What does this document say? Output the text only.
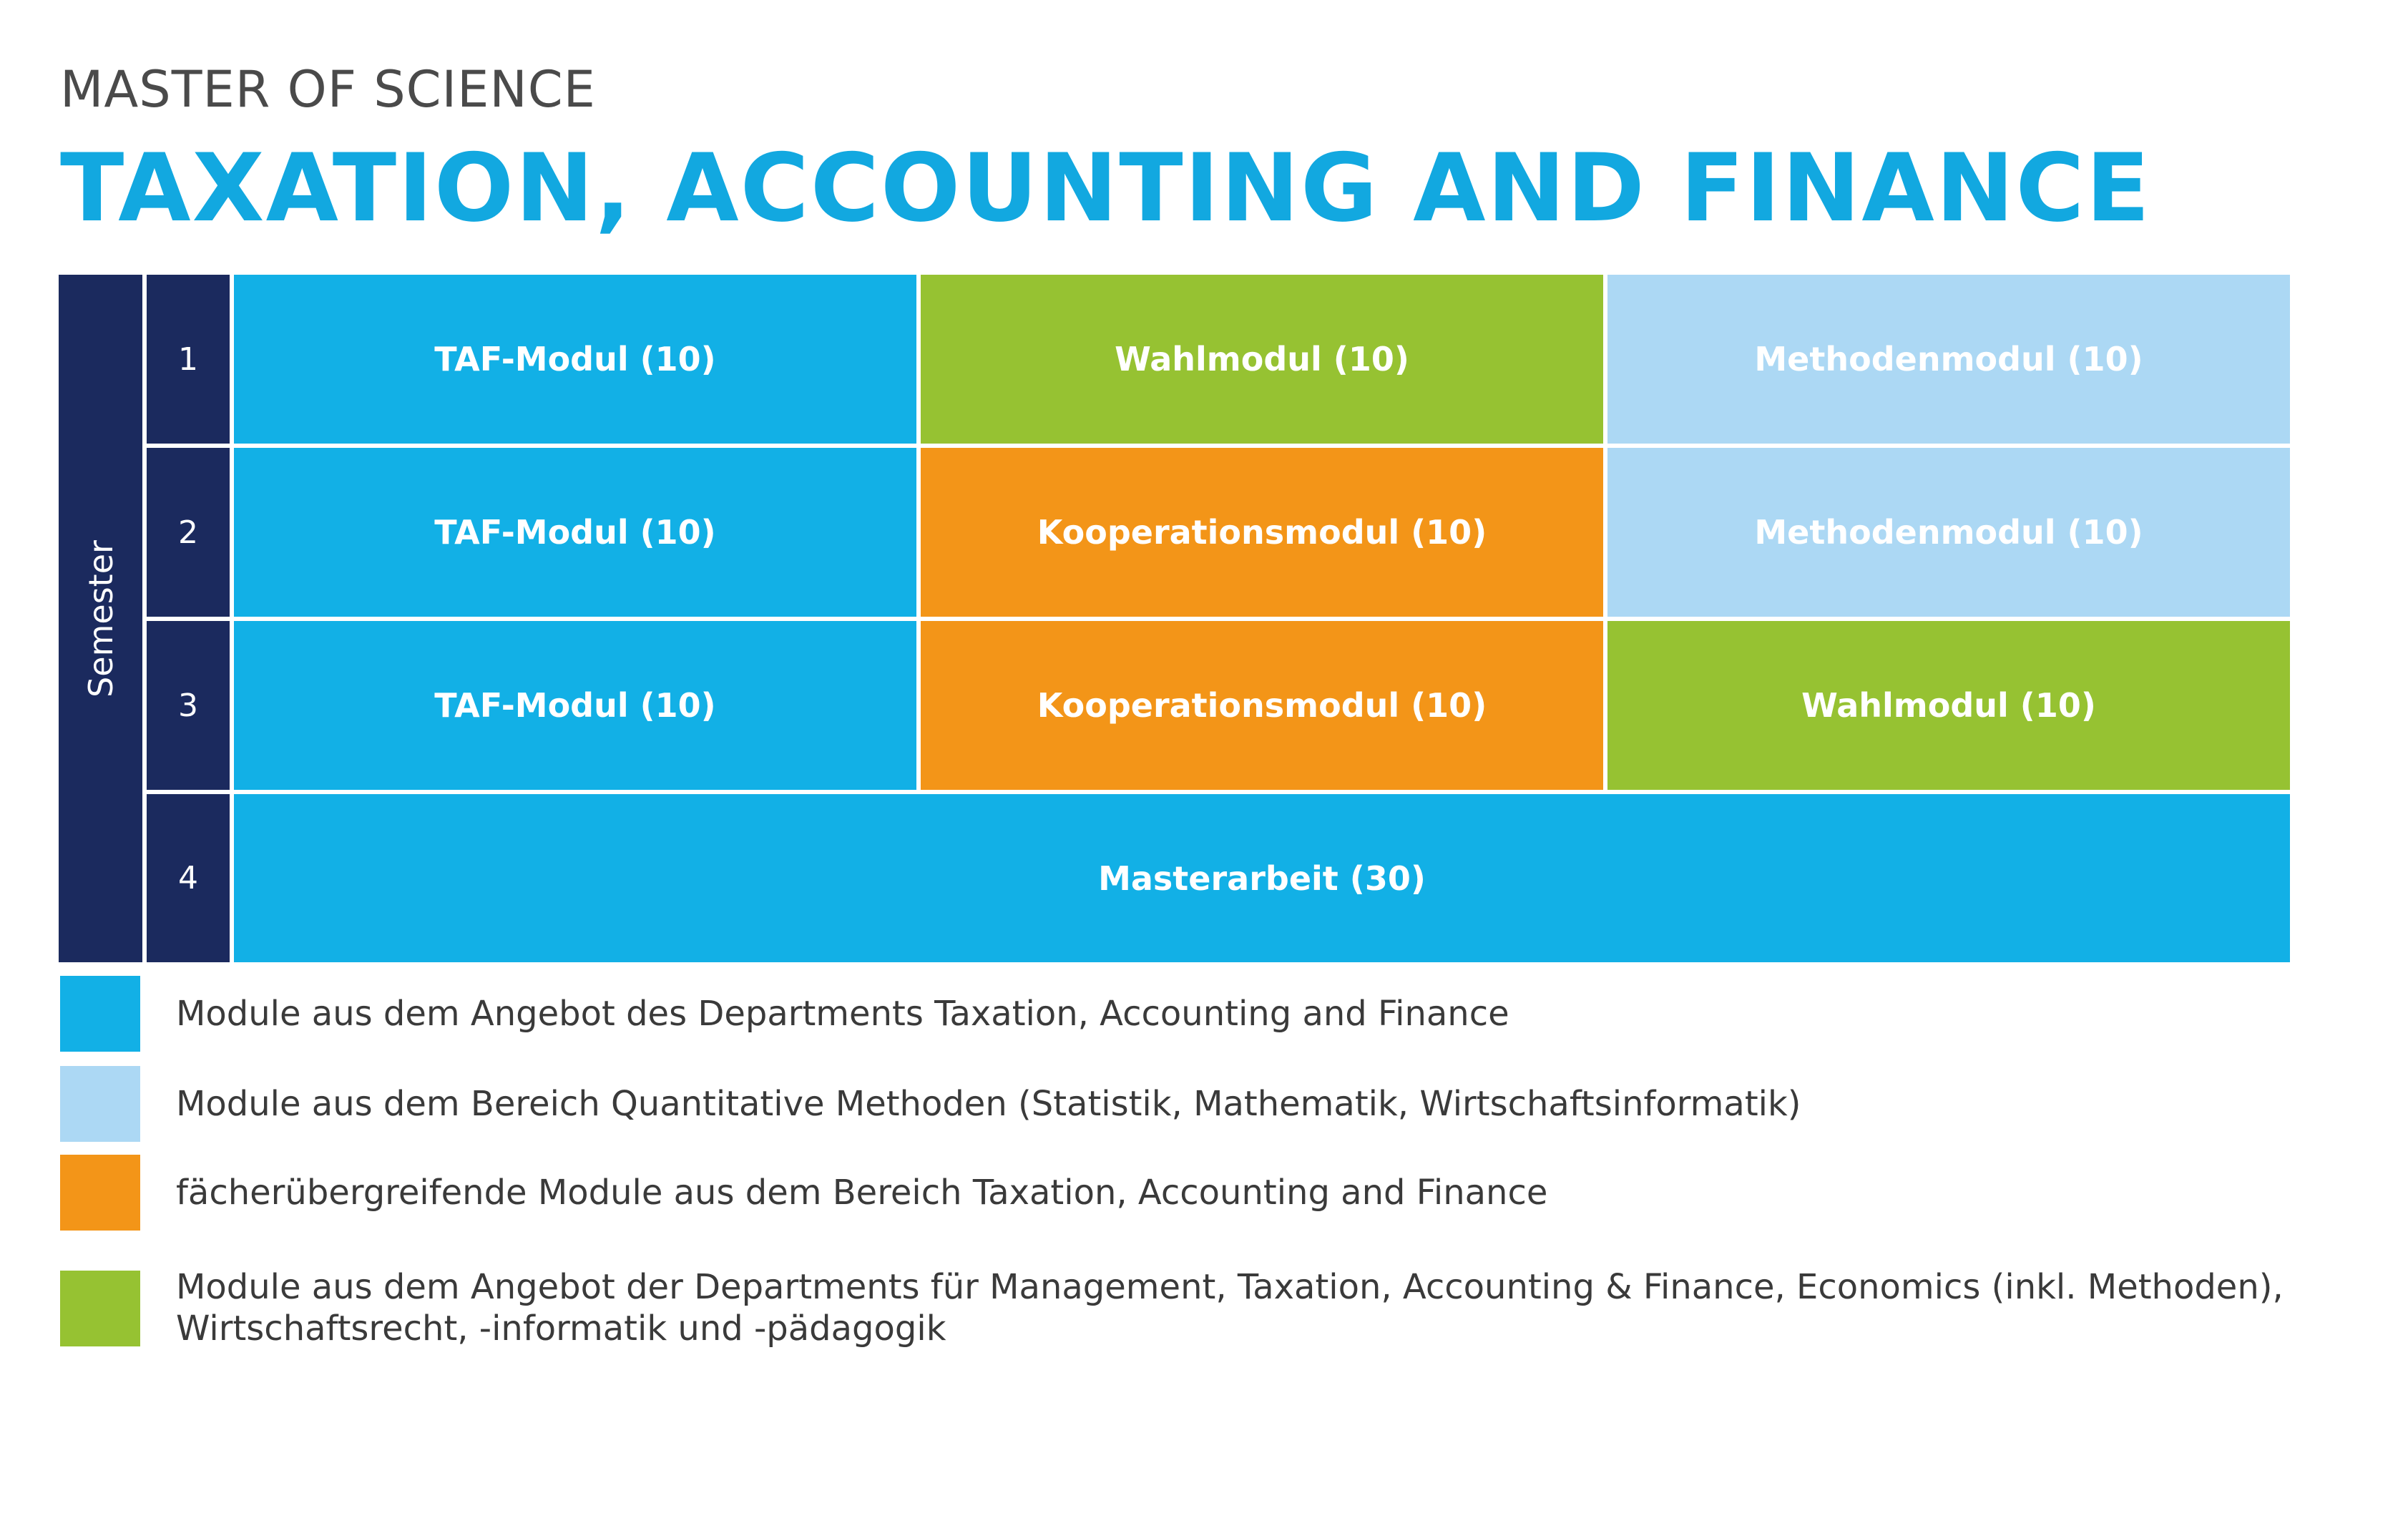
MASTER OF SCIENCE
TAXATION, ACCOUNTING AND FINANCE
Semester
1	TAF-Modul (10)	Wahlmodul (10)	Methodenmodul (10)
2	TAF-Modul (10)	Kooperationsmodul (10)	Methodenmodul (10)
3	TAF-Modul (10)	Kooperationsmodul (10)	Wahlmodul (10)
4	Masterarbeit (30)
Module aus dem Angebot des Departments Taxation, Accounting and Finance
Module aus dem Bereich Quantitative Methoden (Statistik, Mathematik, Wirtschaftsinformatik)
fächerübergreifende Module aus dem Bereich Taxation, Accounting and Finance
Module aus dem Angebot der Departments für Management, Taxation, Accounting & Finance, Economics (inkl. Methoden),
Wirtschaftsrecht, -informatik und -pädagogik
